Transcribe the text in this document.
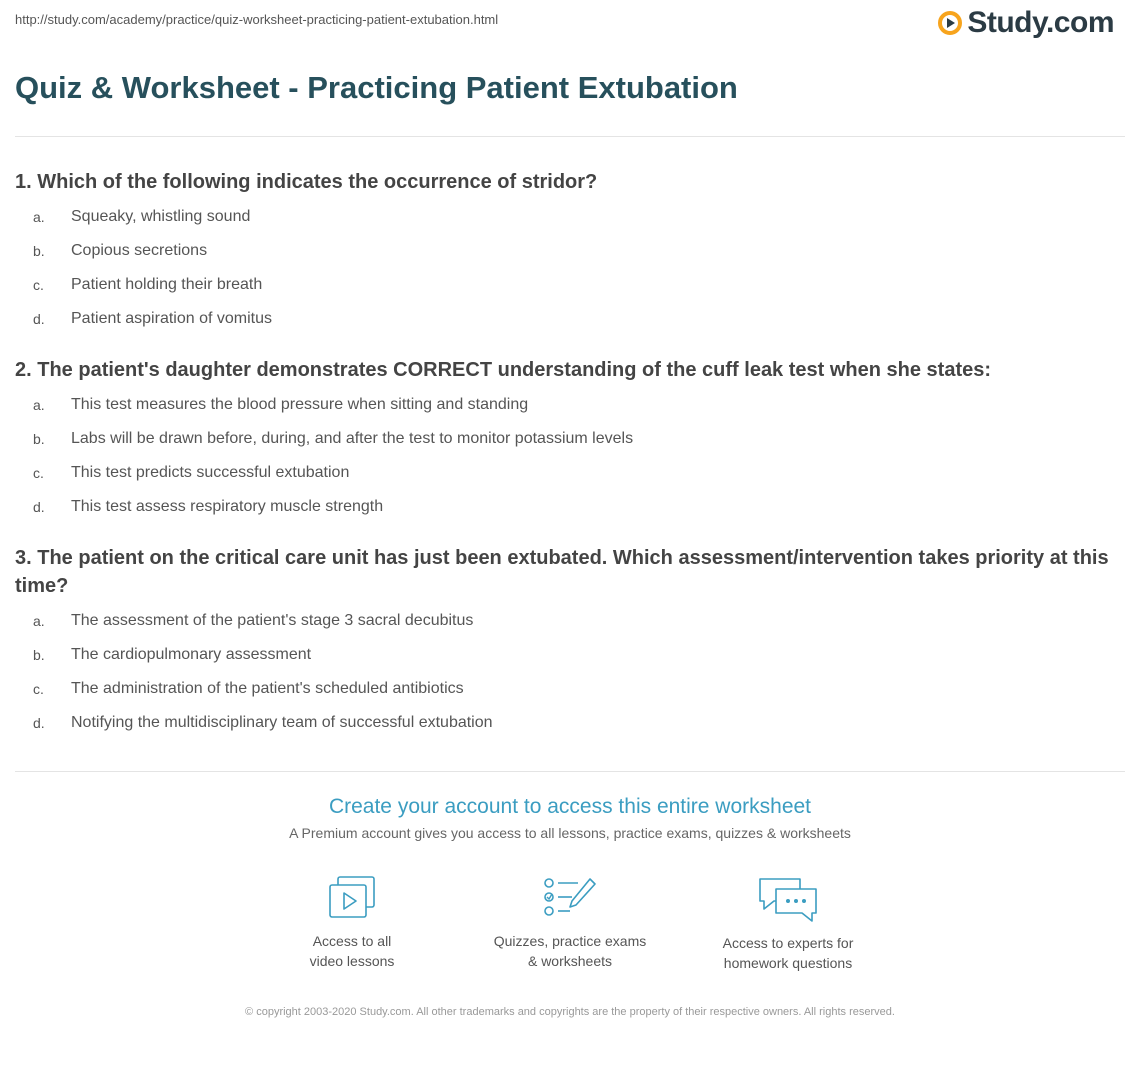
http://study.com/academy/practice/quiz-worksheet-practicing-patient-extubation.html	Study.com
Quiz & Worksheet - Practicing Patient Extubation

1. Which of the following indicates the occurrence of stridor?

a.	Squeaky, whistling sound
b.	Copious secretions
c.	Patient holding their breath
d.	Patient aspiration of vomitus

2. The patient's daughter demonstrates CORRECT understanding of the cuff leak test when she states:

a.	This test measures the blood pressure when sitting and standing
b.	Labs will be drawn before, during, and after the test to monitor potassium levels
c.	This test predicts successful extubation
d.	This test assess respiratory muscle strength

3. The patient on the critical care unit has just been extubated. Which assessment/intervention takes priority at this time?

a.	The assessment of the patient's stage 3 sacral decubitus
b.	The cardiopulmonary assessment
c.	The administration of the patient's scheduled antibiotics
d.	Notifying the multidisciplinary team of successful extubation

Create your account to access this entire worksheet

A Premium account gives you access to all lessons, practice exams, quizzes & worksheets

Access to all
video lessons
Quizzes, practice exams
& worksheets
Access to experts for
homework questions
© copyright 2003-2020 Study.com. All other trademarks and copyrights are the property of their respective owners. All rights reserved.
